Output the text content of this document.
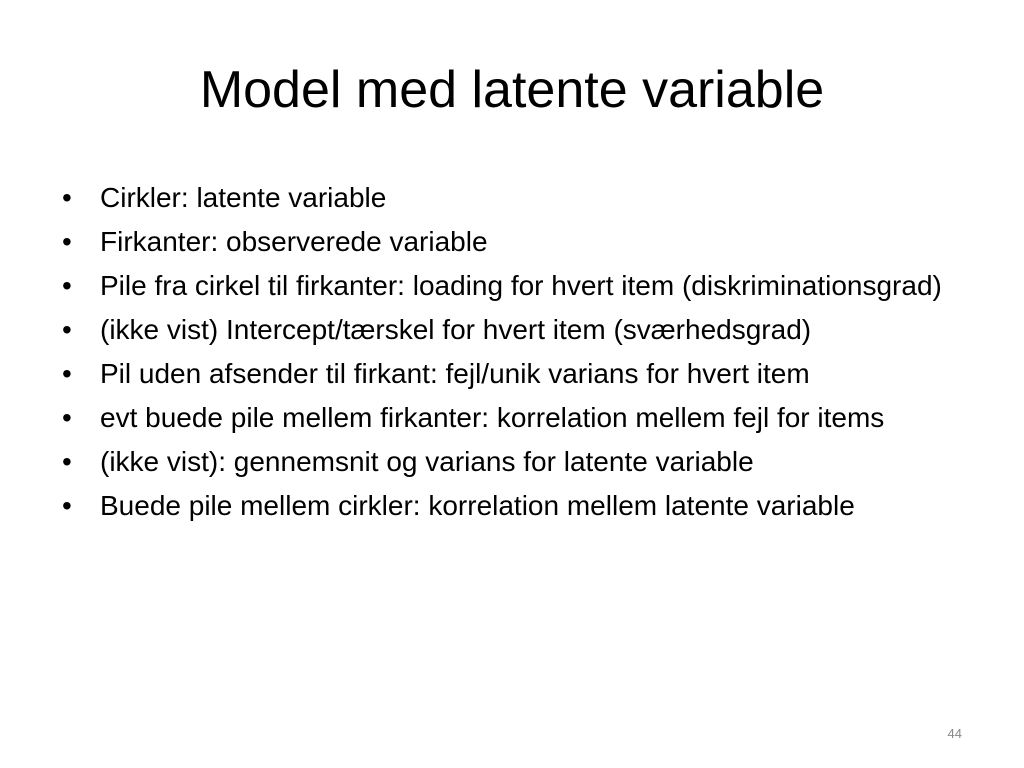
Model med latente variable
•	Cirkler: latente variable
•	Firkanter: observerede variable
•	Pile fra cirkel til firkanter: loading for hvert item (diskriminationsgrad)
•	(ikke vist) Intercept/tærskel for hvert item (sværhedsgrad)
•	Pil uden afsender til firkant: fejl/unik varians for hvert item
•	evt buede pile mellem firkanter: korrelation mellem fejl for items
•	(ikke vist): gennemsnit og varians for latente variable
•	Buede pile mellem cirkler: korrelation mellem latente variable
44
